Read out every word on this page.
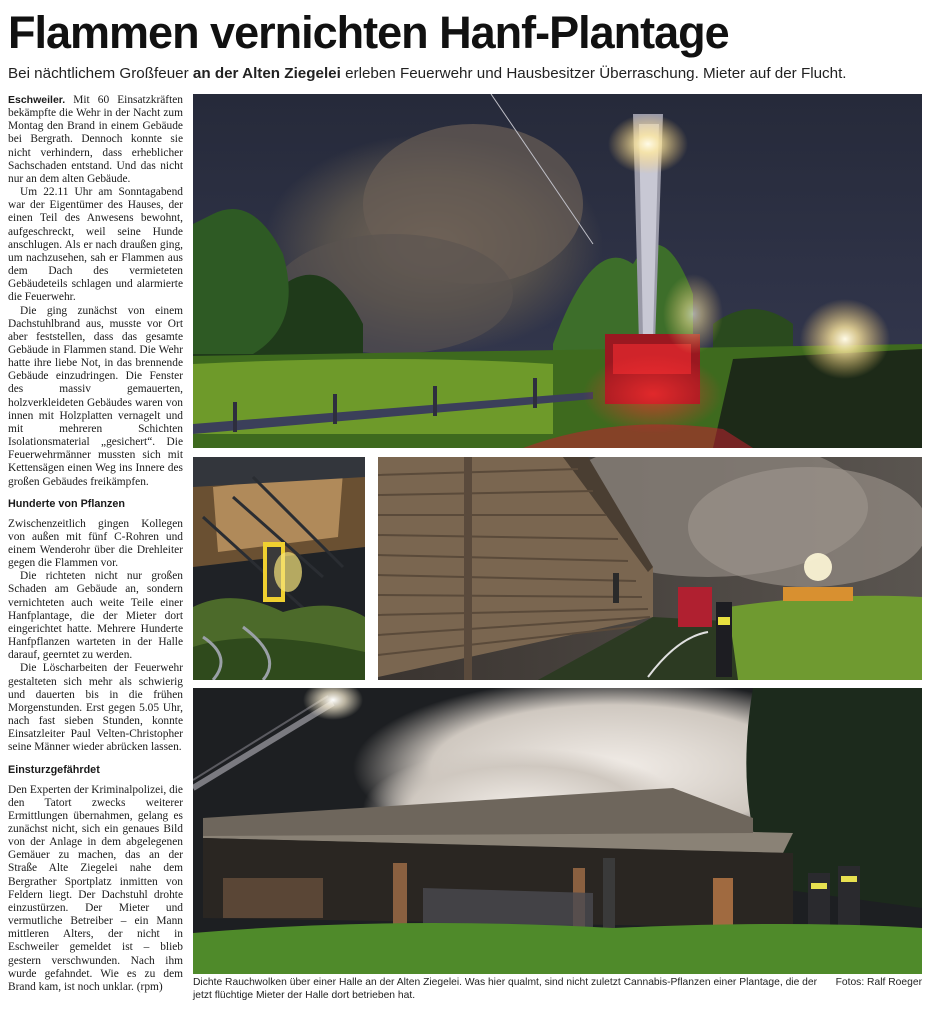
Flammen vernichten Hanf-Plantage
Bei nächtlichem Großfeuer an der Alten Ziegelei erleben Feuerwehr und Hausbesitzer Überraschung. Mieter auf der Flucht.

Eschweiler. Mit 60 Einsatzkräften bekämpfte die Wehr in der Nacht zum Montag den Brand in einem Gebäude bei Bergrath. Dennoch konnte sie nicht verhindern, dass erheblicher Sachschaden entstand. Und das nicht nur an dem alten Gebäude.

Um 22.11 Uhr am Sonntagabend war der Eigentümer des Hauses, der einen Teil des Anwesens bewohnt, aufgeschreckt, weil seine Hunde anschlugen. Als er nach draußen ging, um nachzusehen, sah er Flammen aus dem Dach des vermieteten Gebäudeteils schlagen und alarmierte die Feuerwehr.

Die ging zunächst von einem Dachstuhlbrand aus, musste vor Ort aber feststellen, dass das gesamte Gebäude in Flammen stand. Die Wehr hatte ihre liebe Not, in das brennende Gebäude einzudringen. Die Fenster des massiv gemauerten, holzverkleideten Gebäudes waren von innen mit Holzplatten vernagelt und mit mehreren Schichten Isolationsmaterial „gesichert“. Die Feuerwehrmänner mussten sich mit Kettensägen einen Weg ins Innere des großen Gebäudes freikämpfen.

Hunderte von Pflanzen

Zwischenzeitlich gingen Kollegen von außen mit fünf C-Rohren und einem Wenderohr über die Drehleiter gegen die Flammen vor.

Die richteten nicht nur großen Schaden am Gebäude an, sondern vernichteten auch weite Teile einer Hanfplantage, die der Mieter dort eingerichtet hatte. Mehrere Hunderte Hanfpflanzen warteten in der Halle darauf, geerntet zu werden.

Die Löscharbeiten der Feuerwehr gestalteten sich mehr als schwierig und dauerten bis in die frühen Morgenstunden. Erst gegen 5.05 Uhr, nach fast sieben Stunden, konnte Einsatzleiter Paul Velten-Christopher seine Männer wieder abrücken lassen.

Einsturzgefährdet

Den Experten der Kriminalpolizei, die den Tatort zwecks weiterer Ermittlungen übernahmen, gelang es zunächst nicht, sich ein genaues Bild von der Anlage in dem abgelegenen Gemäuer zu machen, das an der Straße Alte Ziegelei nahe dem Bergrather Sportplatz inmitten von Feldern liegt. Der Dachstuhl drohte einzustürzen. Der Mieter und vermutliche Betreiber – ein Mann mittleren Alters, der nicht in Eschweiler gemeldet ist – blieb gestern verschwunden. Nach ihm wurde gefahndet. Wie es zu dem Brand kam, ist noch unklar. (rpm)	Fotos: Ralf Roeger
Dichte Rauchwolken über einer Halle an der Alten Ziegelei. Was hier qualmt, sind nicht zuletzt Cannabis-Pflanzen einer Plantage, die der jetzt flüchtige Mieter der Halle dort betrieben hat.
